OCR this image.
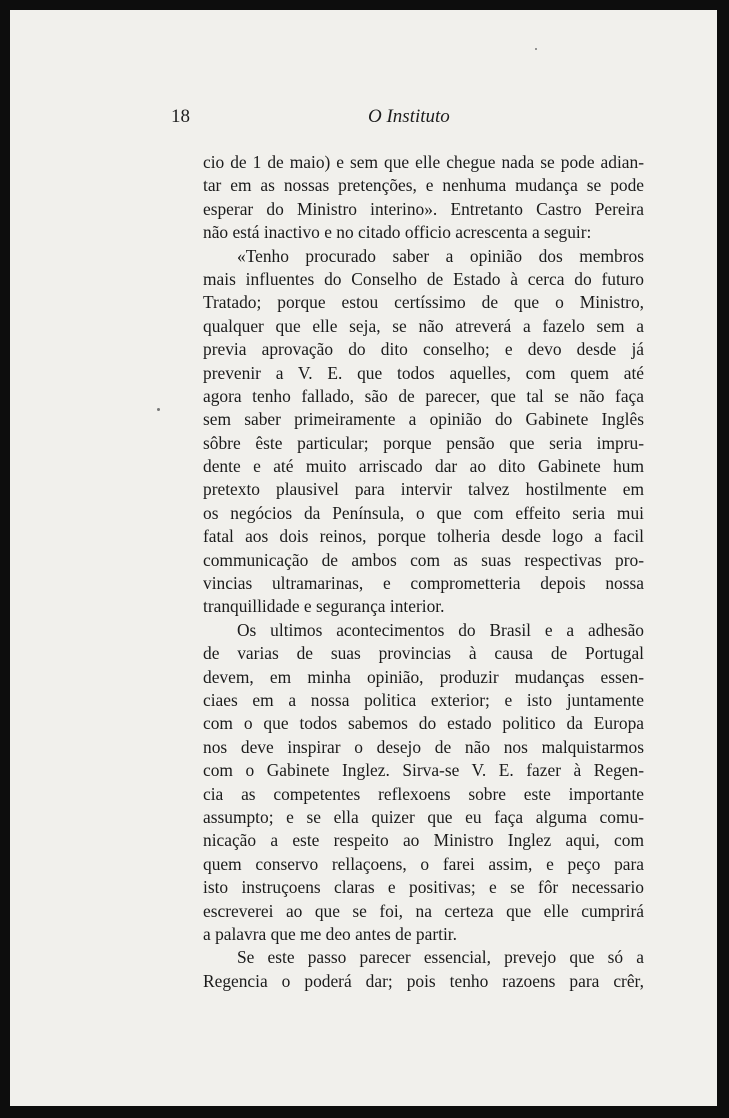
18	O Instituto
cio de 1 de maio) e sem que elle chegue nada se pode adian-
tar em as nossas pretenções, e nenhuma mudança se pode
esperar do Ministro interino». Entretanto Castro Pereira
não está inactivo e no citado officio acrescenta a seguir:
«Tenho procurado saber a opinião dos membros
mais influentes do Conselho de Estado à cerca do futuro
Tratado; porque estou certíssimo de que o Ministro,
qualquer que elle seja, se não atreverá a fazelo sem a
previa aprovação do dito conselho; e devo desde já
prevenir a V. E. que todos aquelles, com quem até
agora tenho fallado, são de parecer, que tal se não faça
sem saber primeiramente a opinião do Gabinete Inglês
sôbre êste particular; porque pensão que seria impru-
dente e até muito arriscado dar ao dito Gabinete hum
pretexto plausivel para intervir talvez hostilmente em
os negócios da Península, o que com effeito seria mui
fatal aos dois reinos, porque tolheria desde logo a facil
communicação de ambos com as suas respectivas pro-
vincias ultramarinas, e comprometteria depois nossa
tranquillidade e segurança interior.
Os ultimos acontecimentos do Brasil e a adhesão
de varias de suas provincias à causa de Portugal
devem, em minha opinião, produzir mudanças essen-
ciaes em a nossa politica exterior; e isto juntamente
com o que todos sabemos do estado politico da Europa
nos deve inspirar o desejo de não nos malquistarmos
com o Gabinete Inglez. Sirva-se V. E. fazer à Regen-
cia as competentes reflexoens sobre este importante
assumpto; e se ella quizer que eu faça alguma comu-
nicação a este respeito ao Ministro Inglez aqui, com
quem conservo rellaçoens, o farei assim, e peço para
isto instruçoens claras e positivas; e se fôr necessario
escreverei ao que se foi, na certeza que elle cumprirá
a palavra que me deo antes de partir.
Se este passo parecer essencial, prevejo que só a
Regencia o poderá dar; pois tenho razoens para crêr,
